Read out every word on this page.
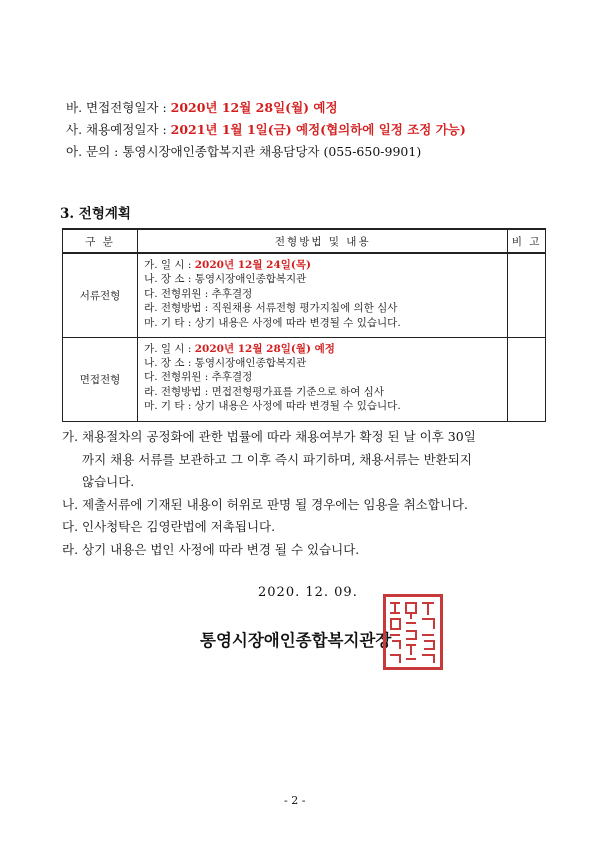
바. 면접전형일자 : 2020년 12월 28일(월) 예정
사. 채용예정일자 : 2021년 1월 1일(금) 예정(협의하에 일정 조정 가능)
아. 문의 : 통영시장애인종합복지관 채용담당자 (055-650-9901)
3. 전형계획
구 분	전형방법 및 내용	비 고
서류전형	가. 일 시 : 2020년 12월 24일(목)
나. 장 소 : 통영시장애인종합복지관
다. 전형위원 : 추후결정
라. 전형방법 : 직원채용 서류전형 평가지침에 의한 심사
마. 기 타 : 상기 내용은 사정에 따라 변경될 수 있습니다.	

면접전형	가. 일 시 : 2020년 12월 28일(월) 예정
나. 장 소 : 통영시장애인종합복지관
다. 전형위원 : 추후결정
라. 전형방법 : 면접전형평가표를 기준으로 하여 심사
마. 기 타 : 상기 내용은 사정에 따라 변경될 수 있습니다.	

가. 채용절차의 공정화에 관한 법률에 따라 채용여부가 확정 된 날 이후 30일
까지 채용 서류를 보관하고 그 이후 즉시 파기하며, 채용서류는 반환되지
않습니다.
나. 제출서류에 기재된 내용이 허위로 판명 될 경우에는 임용을 취소합니다.
다. 인사청탁은 김영란법에 저촉됩니다.
라. 상기 내용은 법인 사정에 따라 변경 될 수 있습니다.
2020. 12. 09.
통영시장애인종합복지관장
- 2 -
